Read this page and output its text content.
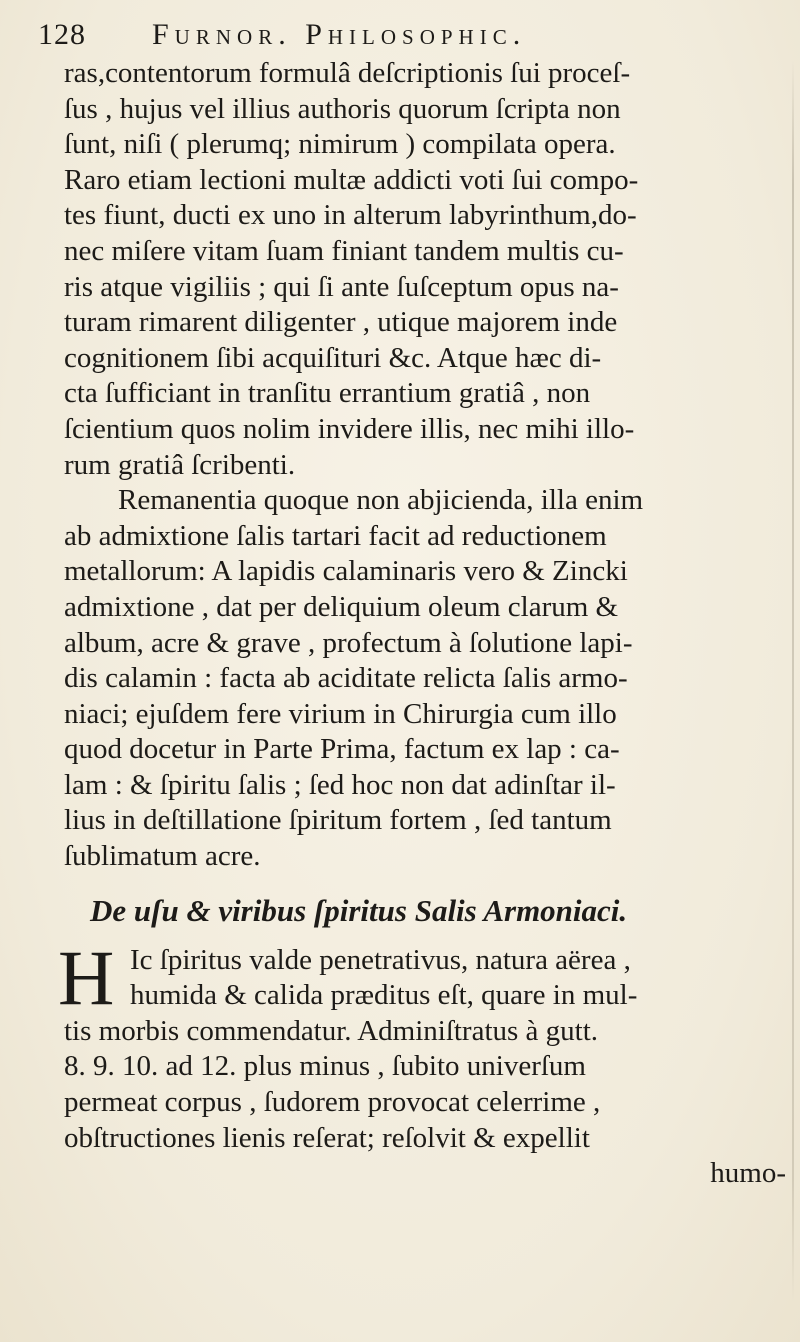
128 Furnor. Philosophic.
ras,contentorum formulâ deſcriptionis ſui proceſ-
ſus , hujus vel illius authoris quorum ſcripta non
ſunt, niſi ( plerumq; nimirum ) compilata opera.
Raro etiam lectioni multæ addicti voti ſui compo-
tes fiunt, ducti ex uno in alterum labyrinthum,do-
nec miſere vitam ſuam finiant tandem multis cu-
ris atque vigiliis ; qui ſi ante ſuſceptum opus na-
turam rimarent diligenter , utique majorem inde
cognitionem ſibi acquiſituri &c. Atque hæc di-
cta ſufficiant in tranſitu errantium gratiâ , non
ſcientium quos nolim invidere illis, nec mihi illo-
rum gratiâ ſcribenti.
Remanentia quoque non abjicienda, illa enim
ab admixtione ſalis tartari facit ad reductionem
metallorum: A lapidis calaminaris vero & Zincki
admixtione , dat per deliquium oleum clarum &
album, acre & grave , profectum à ſolutione lapi-
dis calamin : facta ab aciditate relicta ſalis armo-
niaci; ejuſdem fere virium in Chirurgia cum illo
quod docetur in Parte Prima, factum ex lap : ca-
lam : & ſpiritu ſalis ; ſed hoc non dat adinſtar il-
lius in deſtillatione ſpiritum fortem , ſed tantum
ſublimatum acre.
De uſu & viribus ſpiritus Salis Armoniaci.
H Ic ſpiritus valde penetrativus, natura aërea ,
humida & calida præditus eſt, quare in mul-
tis morbis commendatur. Adminiſtratus à gutt.
8. 9. 10. ad 12. plus minus , ſubito univerſum
permeat corpus , ſudorem provocat celerrime ,
obſtructiones lienis reſerat; reſolvit & expellit
humo-
